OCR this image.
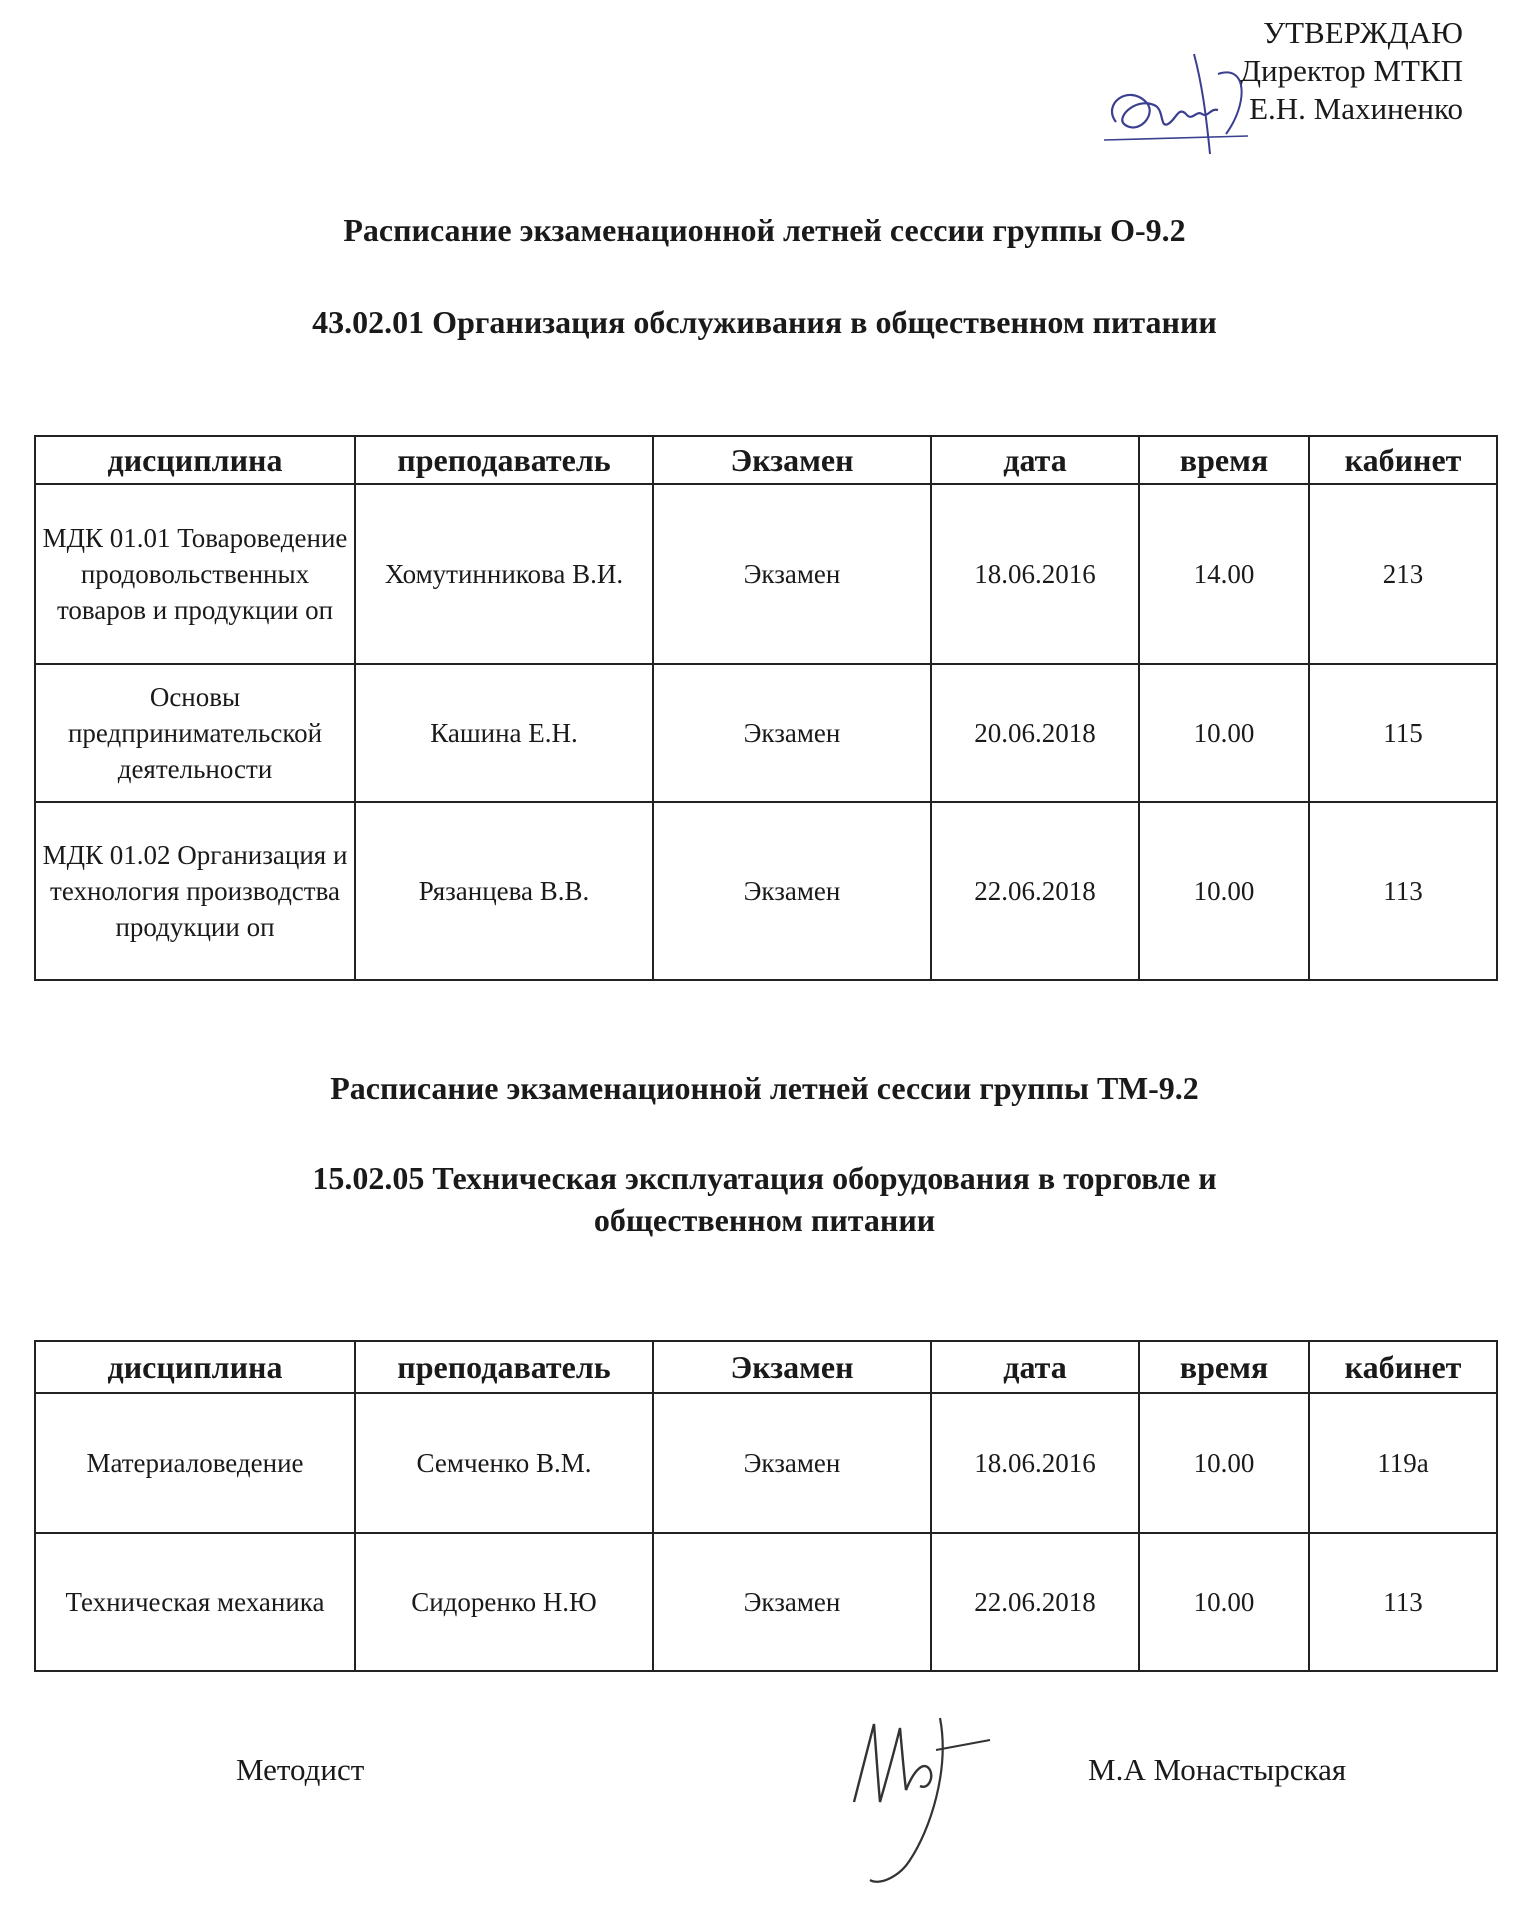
УТВЕРЖДАЮ
Директор МТКП
Е.Н. Махиненко
Расписание экзаменационной летней сессии группы О-9.2
43.02.01 Организация обслуживания в общественном питании
дисциплина	преподаватель	Экзамен	дата	время	кабинет
МДК 01.01 Товароведение продовольственных товаров и продукции оп	Хомутинникова В.И.	Экзамен	18.06.2016	14.00	213
Основы предпринимательской деятельности	Кашина Е.Н.	Экзамен	20.06.2018	10.00	115
МДК 01.02 Организация и технология производства продукции оп	Рязанцева В.В.	Экзамен	22.06.2018	10.00	113
Расписание экзаменационной летней сессии группы ТМ-9.2
15.02.05 Техническая эксплуатация оборудования в торговле и
общественном питании
дисциплина	преподаватель	Экзамен	дата	время	кабинет
Материаловедение	Семченко В.М.	Экзамен	18.06.2016	10.00	119а
Техническая механика	Сидоренко Н.Ю	Экзамен	22.06.2018	10.00	113
Методист	М.А Монастырская
